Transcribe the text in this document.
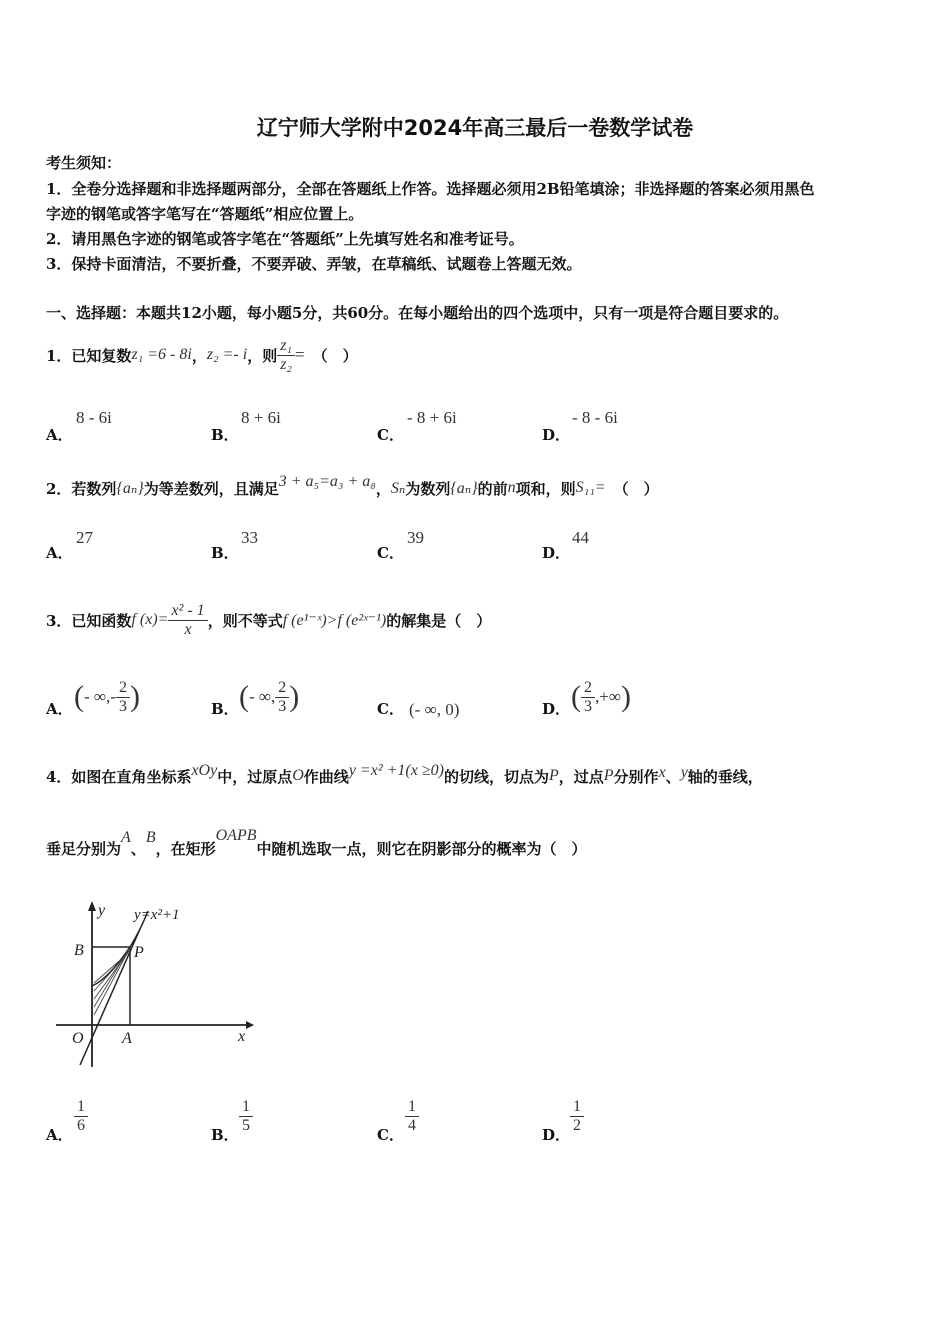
辽宁师大学附中2024年高三最后一卷数学试卷
考生须知：
1．全卷分选择题和非选择题两部分，全部在答题纸上作答。选择题必须用2B铅笔填涂；非选择题的答案必须用黑色
字迹的钢笔或答字笔写在“答题纸”相应位置上。
2．请用黑色字迹的钢笔或答字笔在“答题纸”上先填写姓名和准考证号。
3．保持卡面清洁，不要折叠，不要弄破、弄皱，在草稿纸、试题卷上答题无效。
一、选择题：本题共12小题，每小题5分，共60分。在每小题给出的四个选项中，只有一项是符合题目要求的。
1．已知复数 z₁ =6 - 8i ， z₂ =- i ，则 $\frac{\text{z₁}}{\text{z₂}}$ = （　）
A．
8 - 6i
B．
8 + 6i
C．
- 8 + 6i
D．
- 8 - 6i
2．若数列 {aₙ} 为等差数列，且满足 3 + a₅=a₃ + a₈ ， Sₙ 为数列 {aₙ} 的前 n 项和，则 S₁₁= （　）
A．
27
B．
33
C．
39
D．
44
3．已知函数 f $(x)= \frac{\text{x² - 1}}{x}$ ，则不等式 f (e¹⁻ˣ)>f (e²ˣ⁻¹) 的解集是（　）
A． ( - ∞,- $\frac{2}{3}$ )	B． ( - ∞, $\frac{2}{3}$ )	C． (- ∞, 0)	D． ( $\frac{2}{3}$ ,+∞ )
4．如图在直角坐标系 xOy 中，过原点 O 作曲线 y =x² +1(x ≥0) 的切线，切点为 P ，过点 P 分别作 x 、 y 轴的垂线，
垂足分别为
A
、
B
，在矩形
OAPB
中随机选取一点，则它在阴影部分的概率为（　）
y y=x²+1
B	P
O A	x
A． $\frac{1}{6}$	B． $\frac{1}{5}$	C． $\frac{1}{4}$	D． $\frac{1}{2}$
